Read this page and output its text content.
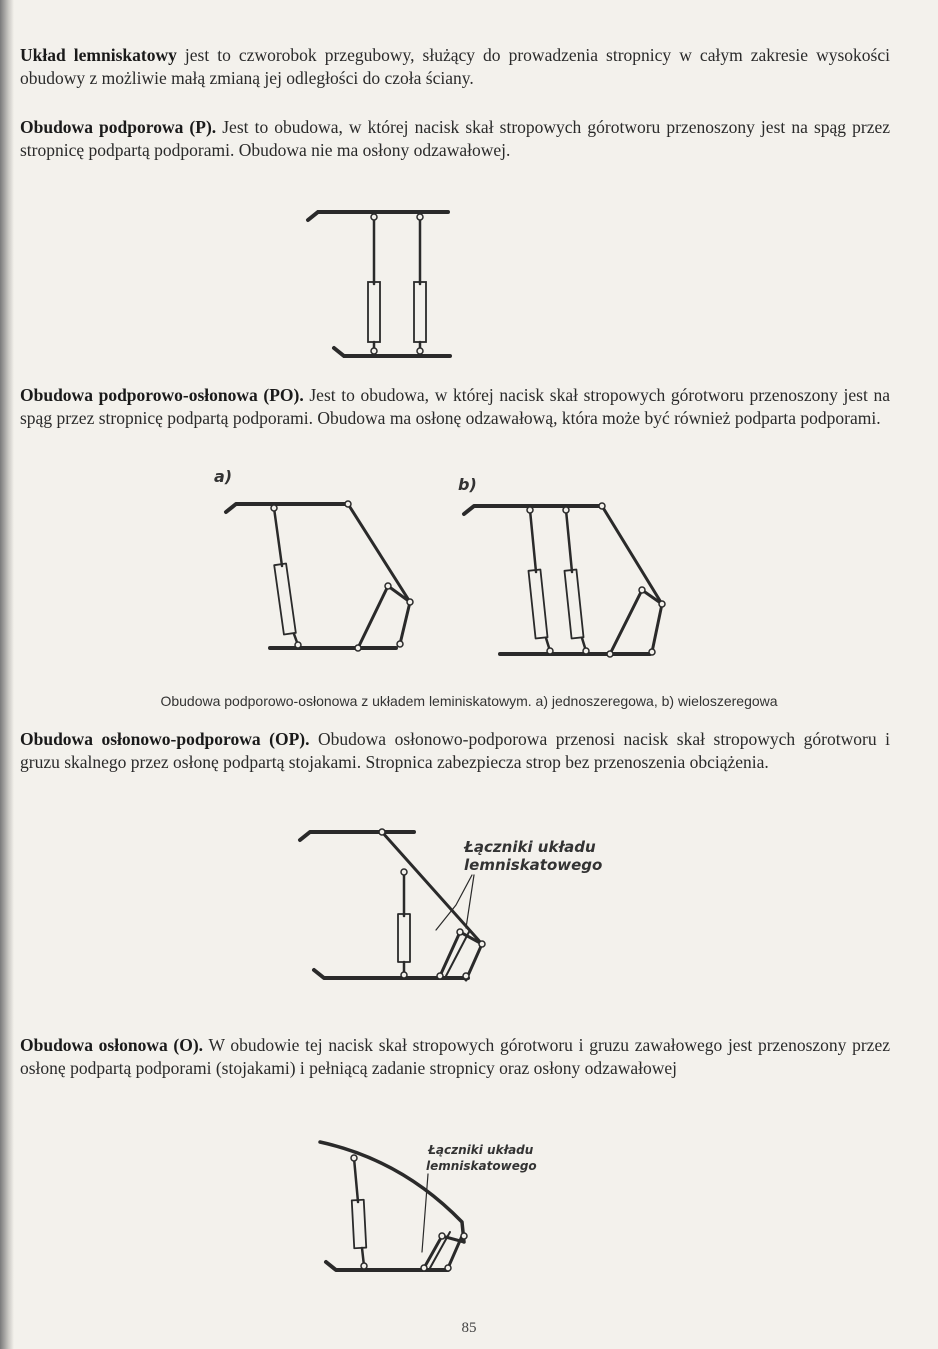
Układ lemniskatowy jest to czworobok przegubowy, służący do prowadzenia stropnicy w całym zakresie wysokości obudowy z możliwie małą zmianą jej odległości do czoła ściany.
Obudowa podporowa (P). Jest to obudowa, w której nacisk skał stropowych górotworu przenoszony jest na spąg przez stropnicę podpartą podporami. Obudowa nie ma osłony odzawałowej.
Obudowa podporowo-osłonowa (PO). Jest to obudowa, w której nacisk skał stropowych górotworu przenoszony jest na spąg przez stropnicę podpartą podporami. Obudowa ma osłonę odzawałową, która może być również podparta podporami.
a)	b)
Obudowa podporowo-osłonowa z układem leminiskatowym. a) jednoszeregowa, b) wieloszeregowa
Obudowa osłonowo-podporowa (OP). Obudowa osłonowo-podporowa przenosi nacisk skał stropowych górotworu i gruzu skalnego przez osłonę podpartą stojakami. Stropnica zabezpiecza strop bez przenoszenia obciążenia.
Łączniki układu
lemniskatowego
Obudowa osłonowa (O). W obudowie tej nacisk skał stropowych górotworu i gruzu zawałowego jest przenoszony przez osłonę podpartą podporami (stojakami) i pełniącą zadanie stropnicy oraz osłony odzawałowej
Łączniki układu
lemniskatowego
85
